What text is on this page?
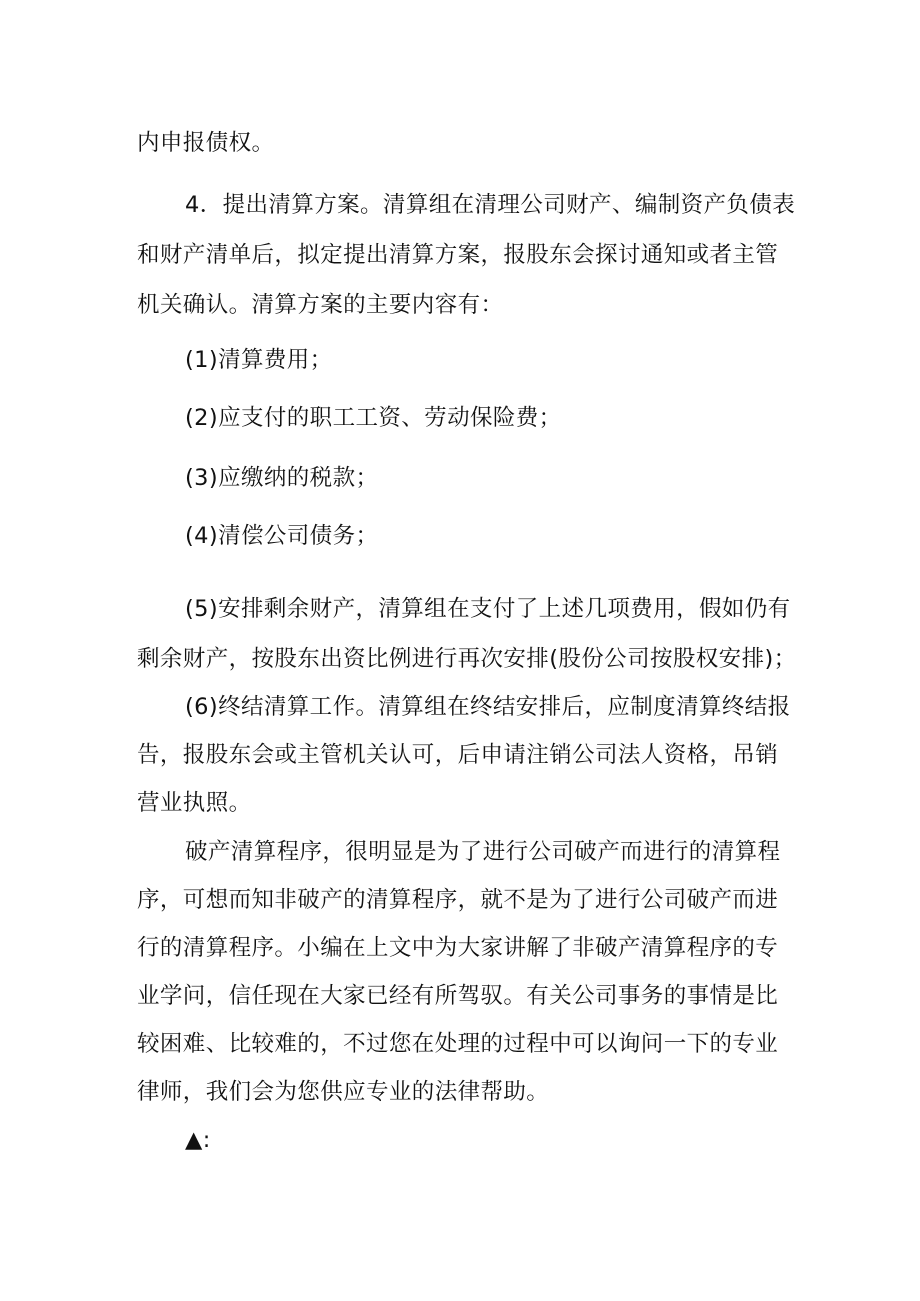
内申报债权。
4．提出清算方案。清算组在清理公司财产、编制资产负债表
和财产清单后，拟定提出清算方案，报股东会探讨通知或者主管
机关确认。清算方案的主要内容有：
(1)清算费用；
(2)应支付的职工工资、劳动保险费；
(3)应缴纳的税款；
(4)清偿公司债务；
(5)安排剩余财产，清算组在支付了上述几项费用，假如仍有
剩余财产，按股东出资比例进行再次安排(股份公司按股权安排)；
(6)终结清算工作。清算组在终结安排后，应制度清算终结报
告，报股东会或主管机关认可，后申请注销公司法人资格，吊销
营业执照。
破产清算程序，很明显是为了进行公司破产而进行的清算程
序，可想而知非破产的清算程序，就不是为了进行公司破产而进
行的清算程序。小编在上文中为大家讲解了非破产清算程序的专
业学问，信任现在大家已经有所驾驭。有关公司事务的事情是比
较困难、比较难的，不过您在处理的过程中可以询问一下的专业
律师，我们会为您供应专业的法律帮助。
▲:
